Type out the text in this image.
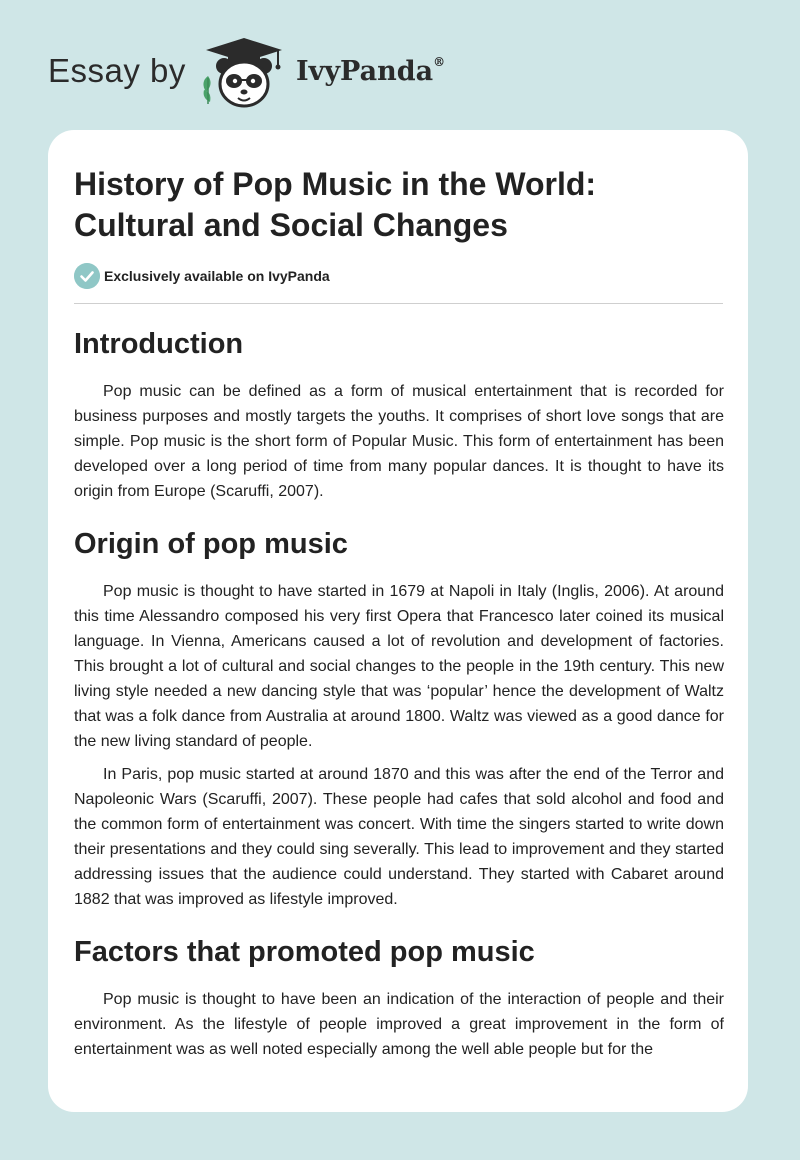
Essay by	IvyPanda®
History of Pop Music in the World: Cultural and Social Changes
Exclusively available on IvyPanda
Introduction

Pop music can be defined as a form of musical entertainment that is recorded for business purposes and mostly targets the youths. It comprises of short love songs that are simple. Pop music is the short form of Popular Music. This form of entertainment has been developed over a long period of time from many popular dances. It is thought to have its origin from Europe (Scaruffi, 2007).

Origin of pop music

Pop music is thought to have started in 1679 at Napoli in Italy (Inglis, 2006). At around this time Alessandro composed his very first Opera that Francesco later coined its musical language. In Vienna, Americans caused a lot of revolution and development of factories. This brought a lot of cultural and social changes to the people in the 19th century. This new living style needed a new dancing style that was ‘popular’ hence the development of Waltz that was a folk dance from Australia at around 1800. Waltz was viewed as a good dance for the new living standard of people.

In Paris, pop music started at around 1870 and this was after the end of the Terror and Napoleonic Wars (Scaruffi, 2007). These people had cafes that sold alcohol and food and the common form of entertainment was concert. With time the singers started to write down their presentations and they could sing severally. This lead to improvement and they started addressing issues that the audience could understand. They started with Cabaret around 1882 that was improved as lifestyle improved.

Factors that promoted pop music

Pop music is thought to have been an indication of the interaction of people and their environment. As the lifestyle of people improved a great improvement in the form of entertainment was as well noted especially among the well able people but for the
